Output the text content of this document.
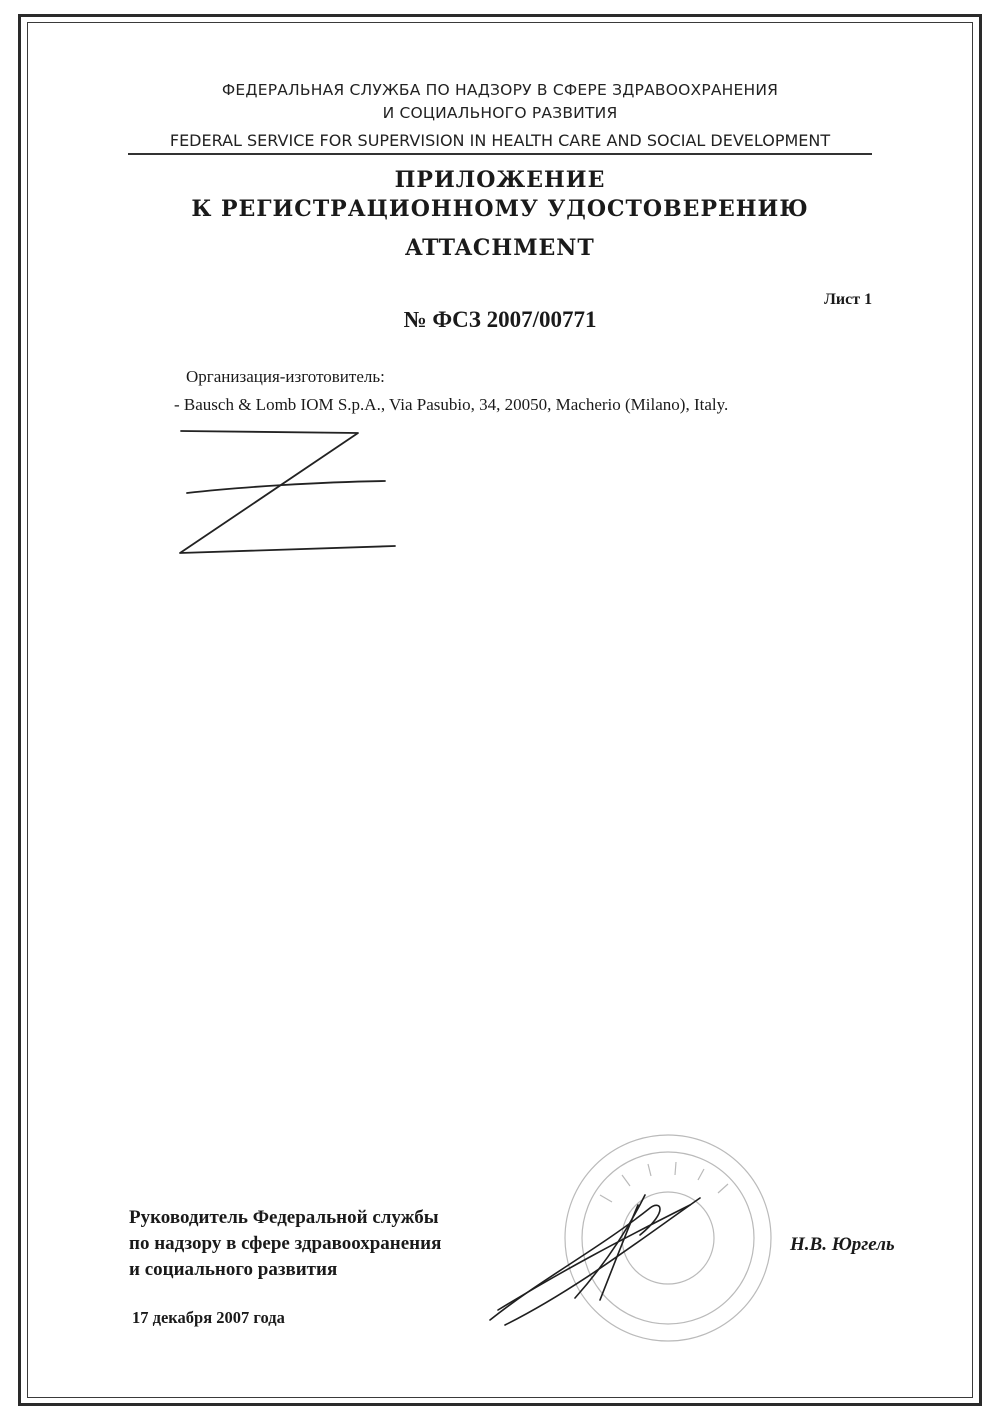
ФЕДЕРАЛЬНАЯ СЛУЖБА ПО НАДЗОРУ В СФЕРЕ ЗДРАВООХРАНЕНИЯ
И СОЦИАЛЬНОГО РАЗВИТИЯ
FEDERAL SERVICE FOR SUPERVISION IN HEALTH CARE AND SOCIAL DEVELOPMENT
ПРИЛОЖЕНИЕ
К РЕГИСТРАЦИОННОМУ УДОСТОВЕРЕНИЮ
ATTACHMENT
Лист 1
№ ФСЗ 2007/00771
Организация-изготовитель:
- Bausch & Lomb IOM S.p.A., Via Pasubio, 34, 20050, Macherio (Milano), Italy.
Руководитель Федеральной службы
по надзору в сфере здравоохранения
и социального развития
Н.В. Юргель
17 декабря 2007 года
